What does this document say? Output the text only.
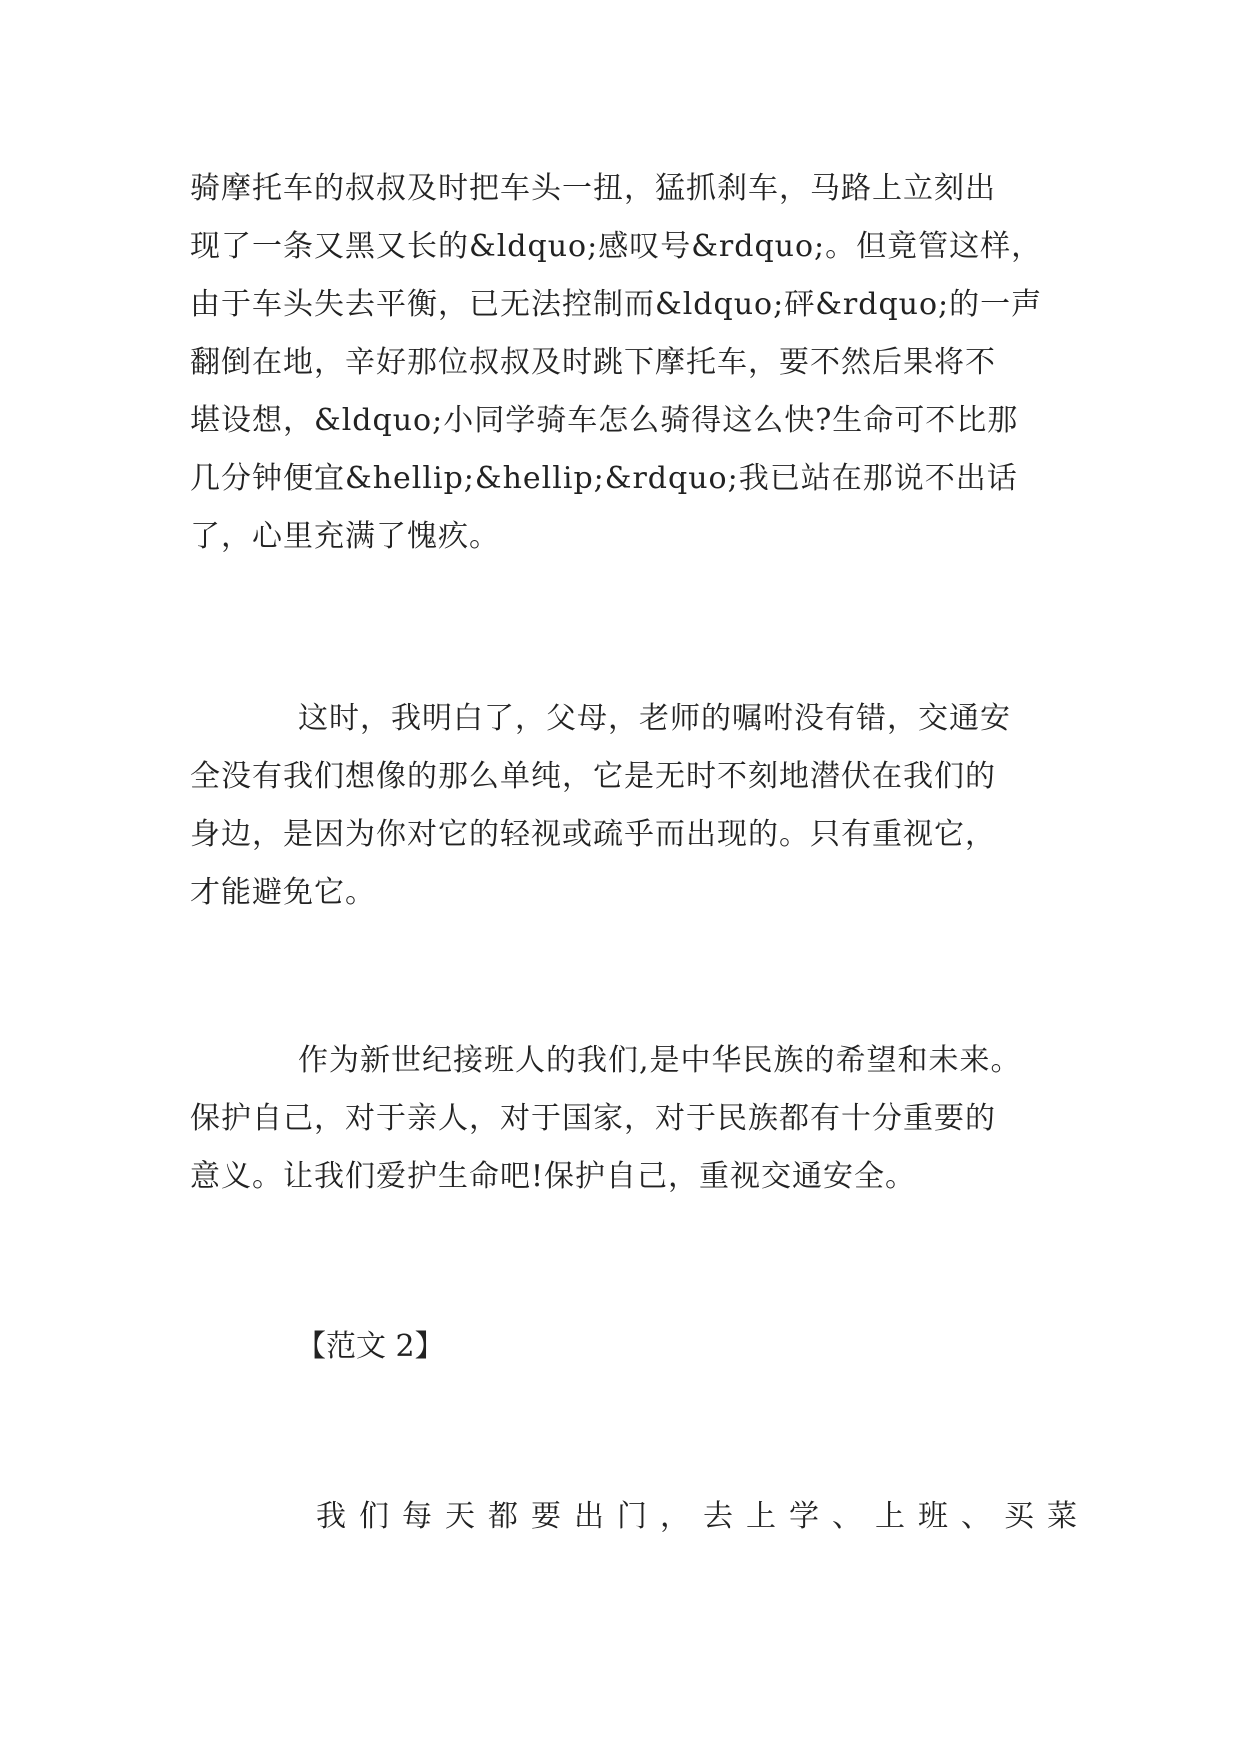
骑摩托车的叔叔及时把车头一扭，猛抓刹车，马路上立刻出
现了一条又黑又长的&ldquo;感叹号&rdquo;。但竟管这样，
由于车头失去平衡，已无法控制而&ldquo;砰&rdquo;的一声
翻倒在地，辛好那位叔叔及时跳下摩托车，要不然后果将不
堪设想，&ldquo;小同学骑车怎么骑得这么快?生命可不比那
几分钟便宜&hellip;&hellip;&rdquo;我已站在那说不出话
了，心里充满了愧疚。

这时，我明白了，父母，老师的嘱咐没有错，交通安
全没有我们想像的那么单纯，它是无时不刻地潜伏在我们的
身边，是因为你对它的轻视或疏乎而出现的。只有重视它，
才能避免它。

作为新世纪接班人的我们,是中华民族的希望和未来。
保护自己，对于亲人，对于国家，对于民族都有十分重要的
意义。让我们爱护生命吧!保护自己，重视交通安全。

【范文 2】
我们每天都要出门，去上学、上班、买菜
